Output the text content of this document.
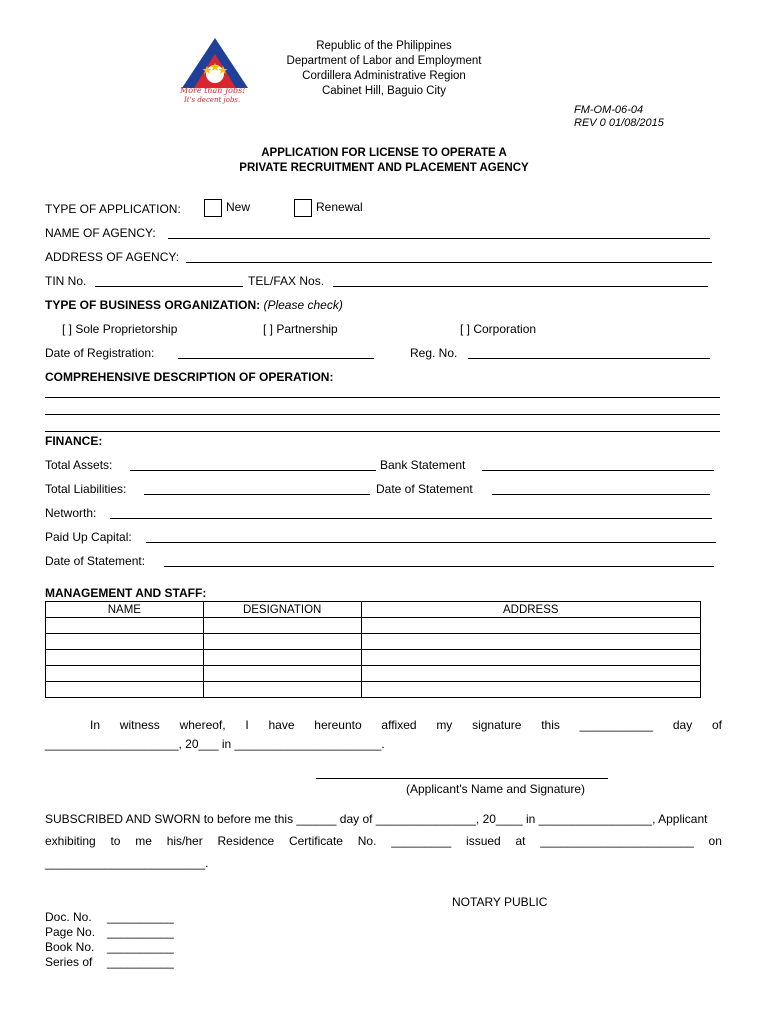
More than Jobs!
It's decent jobs.
Republic of the Philippines
Department of Labor and Employment
Cordillera Administrative Region
Cabinet Hill, Baguio City
FM-OM-06-04
REV 0 01/08/2015
APPLICATION FOR LICENSE TO OPERATE A
PRIVATE RECRUITMENT AND PLACEMENT AGENCY
TYPE OF APPLICATION:	New	Renewal
NAME OF AGENCY:
ADDRESS OF AGENCY:
TIN No.	TEL/FAX Nos.
TYPE OF BUSINESS ORGANIZATION: (Please check)
[ ] Sole Proprietorship	[ ] Partnership	[ ] Corporation
Date of Registration:	Reg. No.
COMPREHENSIVE DESCRIPTION OF OPERATION:
FINANCE:
Total Assets:	Bank Statement
Total Liabilities:	Date of Statement
Networth:
Paid Up Capital:
Date of Statement:
MANAGEMENT AND STAFF:
NAME	DESIGNATION	ADDRESS

In witness whereof, I have hereunto affixed my signature this ___________ day of
____________________, 20___ in ______________________.
(Applicant's Name and Signature)
SUBSCRIBED AND SWORN to before me this ______ day of _______________, 20____ in _________________, Applicant
exhibiting to me his/her Residence Certificate No. _________ issued at _______________________ on
________________________.
NOTARY PUBLIC
Doc. No. __________
Page No. __________
Book No. __________
Series of __________
